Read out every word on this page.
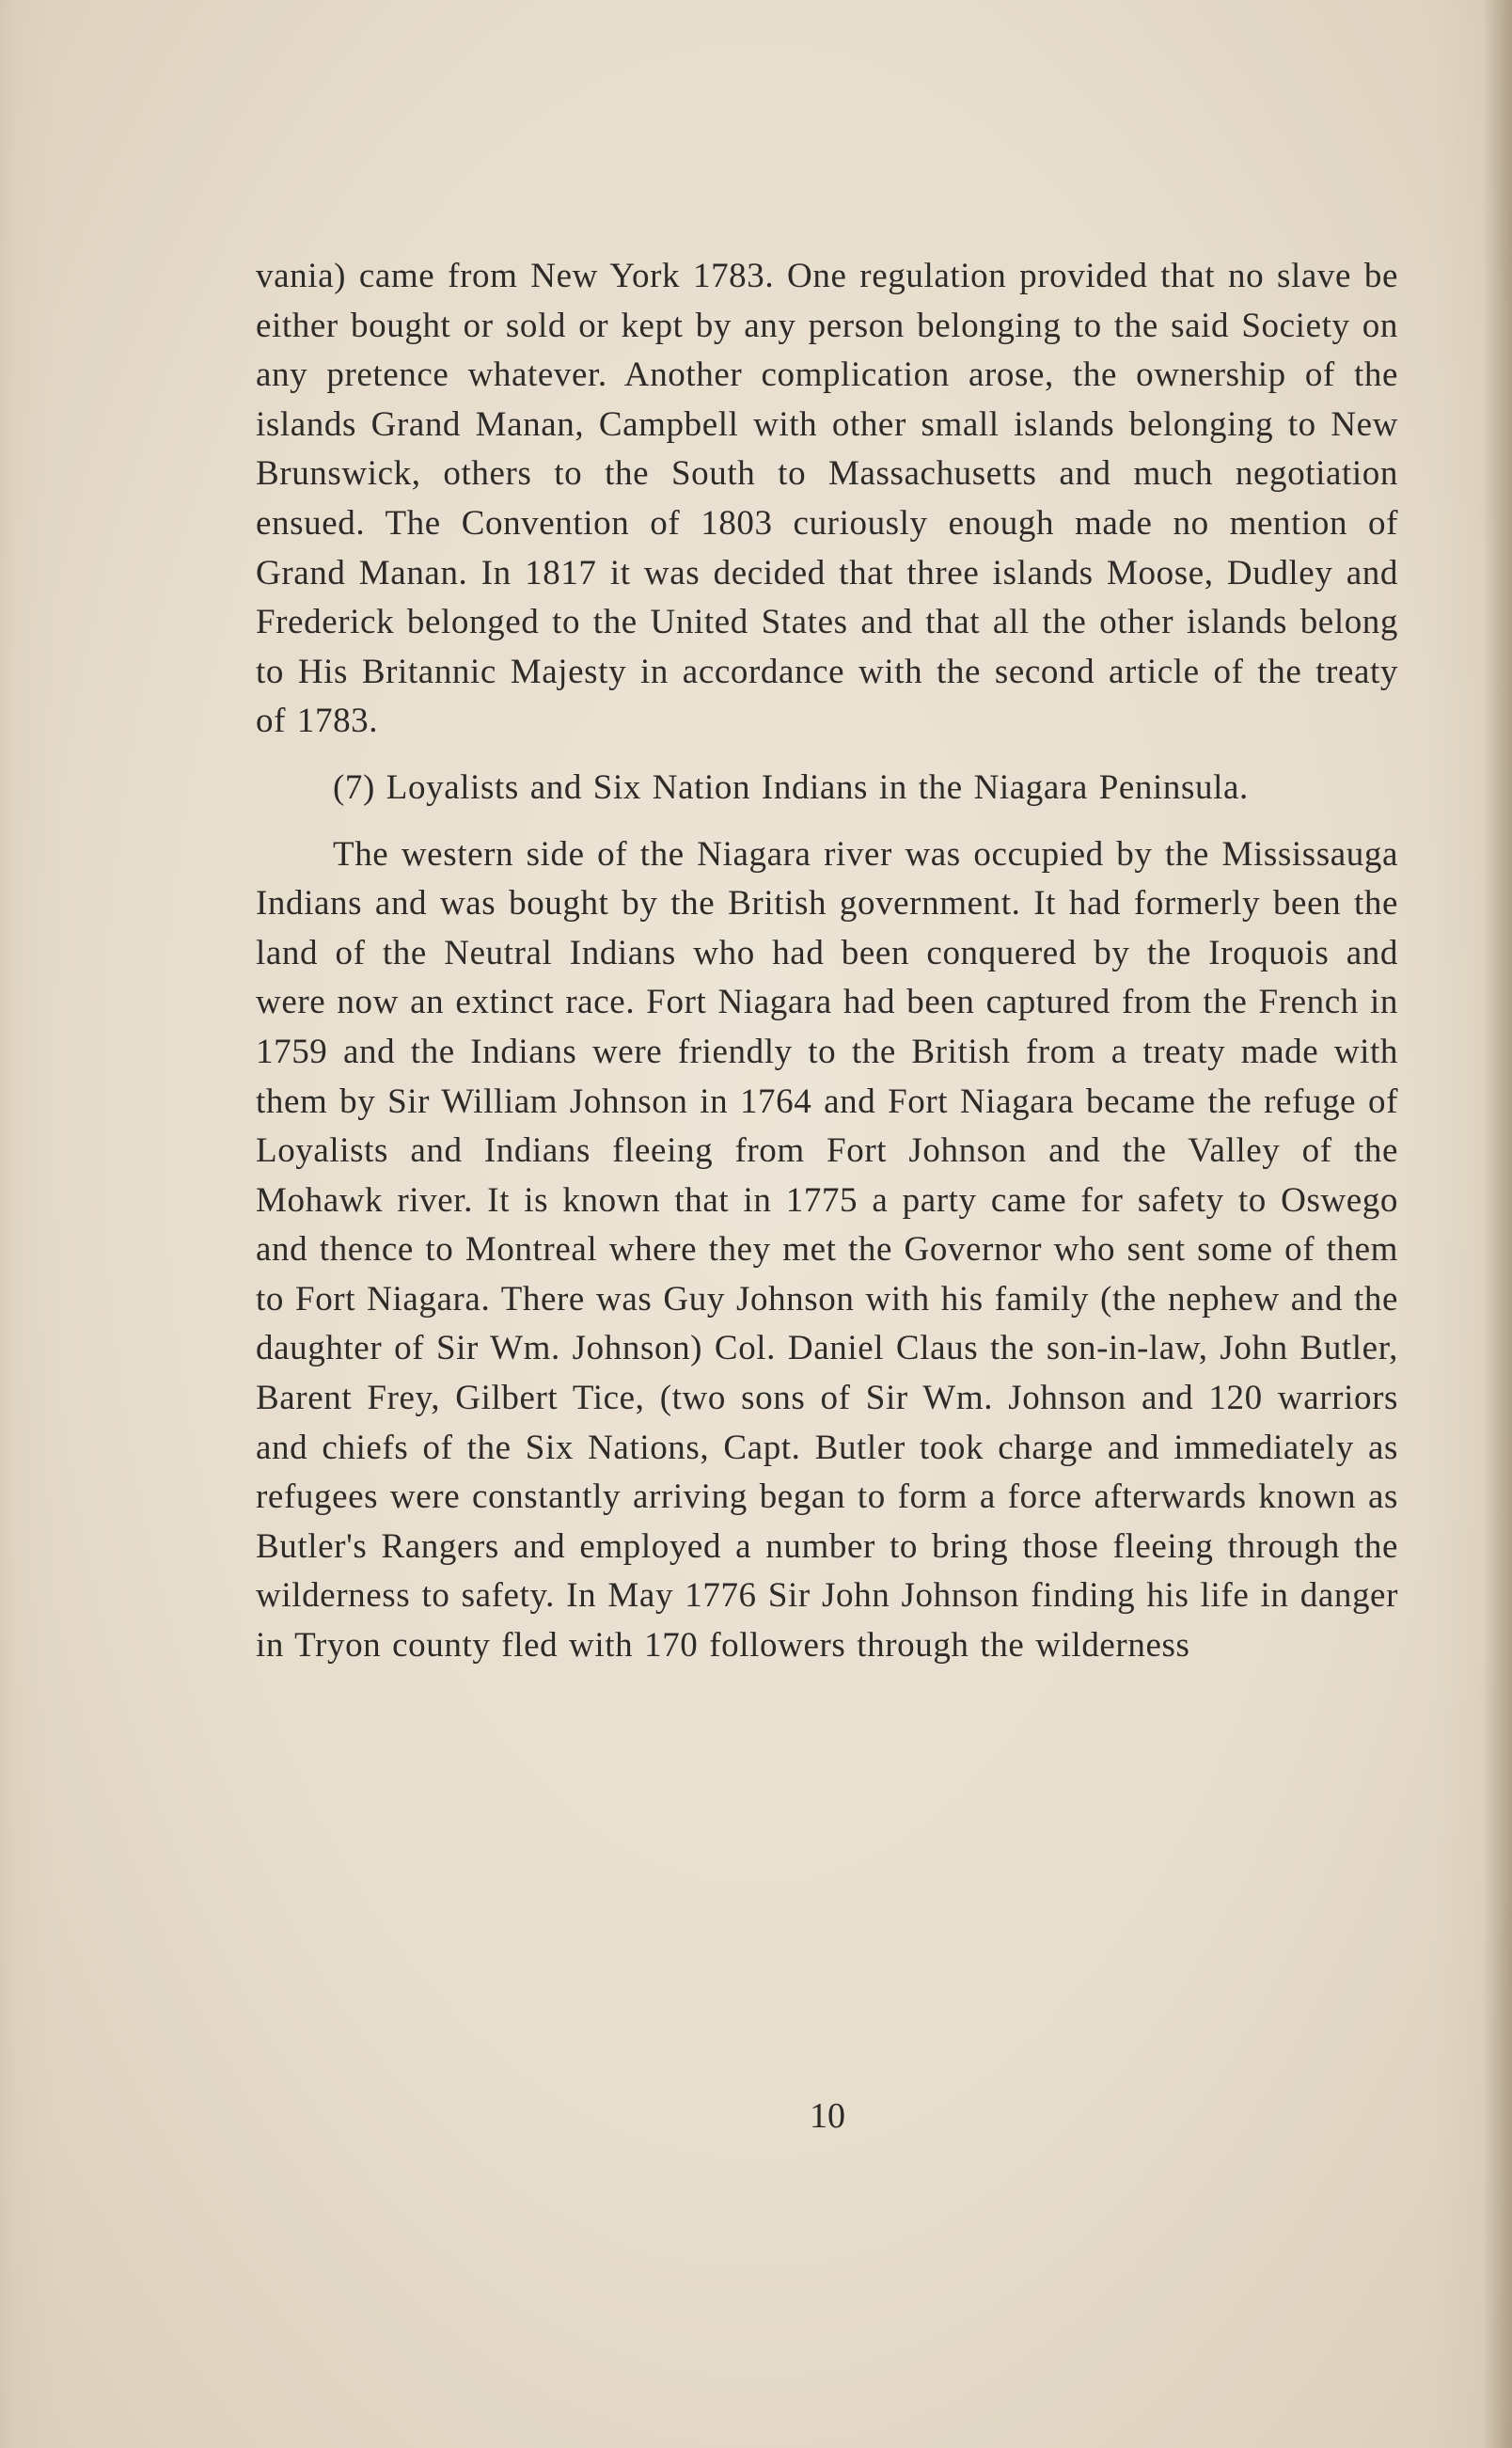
vania) came from New York 1783. One regulation provided that no slave be either bought or sold or kept by any person belonging to the said Society on any pretence whatever. Another complication arose, the ownership of the islands Grand Manan, Campbell with other small islands belonging to New Brunswick, others to the South to Massachusetts and much negotiation ensued. The Convention of 1803 curiously enough made no mention of Grand Manan. In 1817 it was decided that three islands Moose, Dudley and Frederick belonged to the United States and that all the other islands belong to His Britannic Majesty in accordance with the second article of the treaty of 1783.

(7) Loyalists and Six Nation Indians in the Niagara Peninsula.

The western side of the Niagara river was occupied by the Mississauga Indians and was bought by the British government. It had formerly been the land of the Neutral Indians who had been conquered by the Iroquois and were now an extinct race. Fort Niagara had been captured from the French in 1759 and the Indians were friendly to the British from a treaty made with them by Sir William Johnson in 1764 and Fort Niagara became the refuge of Loyalists and Indians fleeing from Fort Johnson and the Valley of the Mohawk river. It is known that in 1775 a party came for safety to Oswego and thence to Montreal where they met the Governor who sent some of them to Fort Niagara. There was Guy Johnson with his family (the nephew and the daughter of Sir Wm. Johnson) Col. Daniel Claus the son-in-law, John Butler, Barent Frey, Gilbert Tice, (two sons of Sir Wm. Johnson and 120 warriors and chiefs of the Six Nations, Capt. Butler took charge and immediately as refugees were constantly arriving began to form a force afterwards known as Butler's Rangers and employed a number to bring those fleeing through the wilderness to safety. In May 1776 Sir John Johnson finding his life in danger in Tryon county fled with 170 followers through the wilderness

10
